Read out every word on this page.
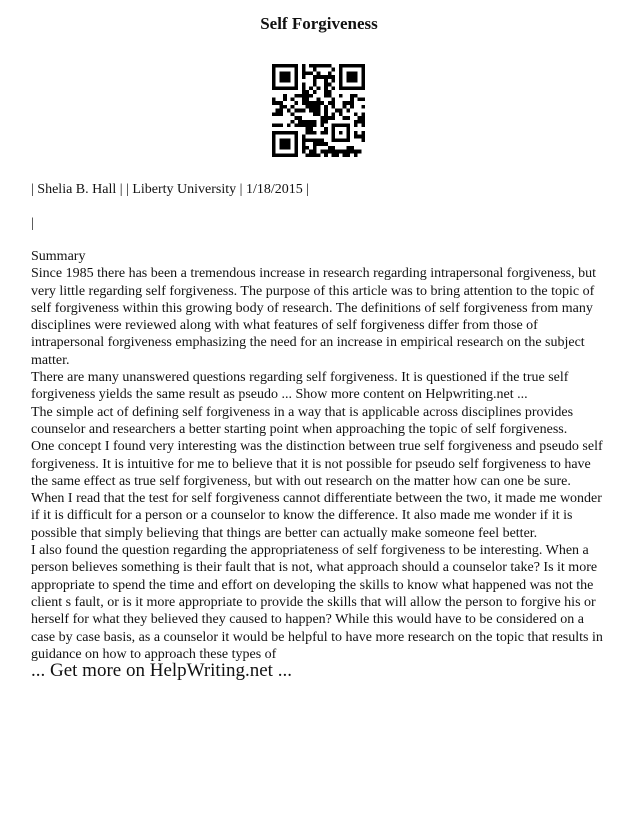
Self Forgiveness
| Shelia B. Hall | | Liberty University | 1/18/2015 |
|

Summary

Since 1985 there has been a tremendous increase in research regarding intrapersonal forgiveness, but very little regarding self forgiveness. The purpose of this article was to bring attention to the topic of self forgiveness within this growing body of research. The definitions of self forgiveness from many disciplines were reviewed along with what features of self forgiveness differ from those of intrapersonal forgiveness emphasizing the need for an increase in empirical research on the subject matter.

There are many unanswered questions regarding self forgiveness. It is questioned if the true self forgiveness yields the same result as pseudo ... Show more content on Helpwriting.net ...

The simple act of defining self forgiveness in a way that is applicable across disciplines provides counselor and researchers a better starting point when approaching the topic of self forgiveness.

One concept I found very interesting was the distinction between true self forgiveness and pseudo self forgiveness. It is intuitive for me to believe that it is not possible for pseudo self forgiveness to have the same effect as true self forgiveness, but with out research on the matter how can one be sure.

When I read that the test for self forgiveness cannot differentiate between the two, it made me wonder if it is difficult for a person or a counselor to know the difference. It also made me wonder if it is possible that simply believing that things are better can actually make someone feel better.

I also found the question regarding the appropriateness of self forgiveness to be interesting. When a person believes something is their fault that is not, what approach should a counselor take? Is it more appropriate to spend the time and effort on developing the skills to know what happened was not the client s fault, or is it more appropriate to provide the skills that will allow the person to forgive his or herself for what they believed they caused to happen? While this would have to be considered on a case by case basis, as a counselor it would be helpful to have more research on the topic that results in guidance on how to approach these types of

... Get more on HelpWriting.net ...
